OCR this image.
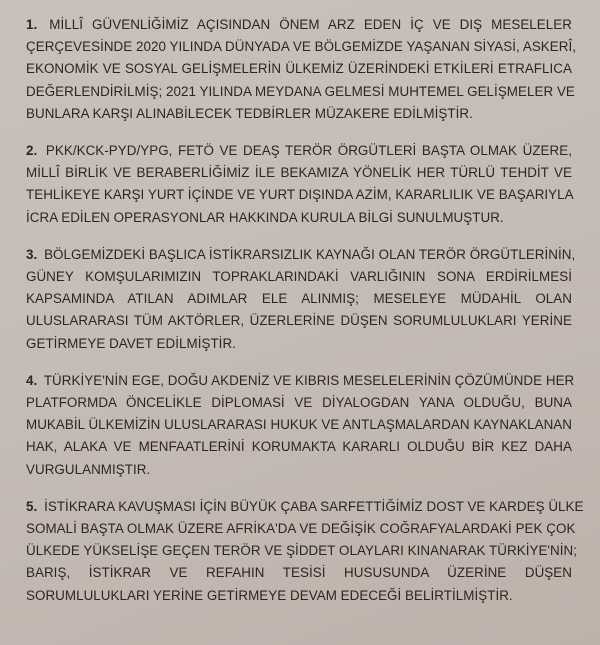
1. MİLLÎ GÜVENLİĞİMİZ AÇISINDAN ÖNEM ARZ EDEN İÇ VE DIŞ MESELELER
ÇERÇEVESİNDE 2020 YILINDA DÜNYADA VE BÖLGEMİZDE YAŞANAN SİYASİ, ASKERÎ,
EKONOMİK VE SOSYAL GELİŞMELERİN ÜLKEMİZ ÜZERİNDEKİ ETKİLERİ ETRAFLICA
DEĞERLENDİRİLMİŞ; 2021 YILINDA MEYDANA GELMESİ MUHTEMEL GELİŞMELER VE
BUNLARA KARŞI ALINABİLECEK TEDBİRLER MÜZAKERE EDİLMİŞTİR.

2. PKK/KCK-PYD/YPG, FETÖ VE DEAŞ TERÖR ÖRGÜTLERİ BAŞTA OLMAK ÜZERE,
MİLLÎ BİRLİK VE BERABERLİĞİMİZ İLE BEKAMIZA YÖNELİK HER TÜRLÜ TEHDİT VE
TEHLİKEYE KARŞI YURT İÇİNDE VE YURT DIŞINDA AZİM, KARARLILIK VE BAŞARIYLA
İCRA EDİLEN OPERASYONLAR HAKKINDA KURULA BİLGİ SUNULMUŞTUR.

3. BÖLGEMİZDEKİ BAŞLICA İSTİKRARSIZLIK KAYNAĞI OLAN TERÖR ÖRGÜTLERİNİN,
GÜNEY KOMŞULARIMIZIN TOPRAKLARINDAKİ VARLIĞININ SONA ERDİRİLMESİ
KAPSAMINDA ATILAN ADIMLAR ELE ALINMIŞ; MESELEYE MÜDAHİL OLAN
ULUSLARARASI TÜM AKTÖRLER, ÜZERLERİNE DÜŞEN SORUMLULUKLARI YERİNE
GETİRMEYE DAVET EDİLMİŞTİR.

4. TÜRKİYE'NİN EGE, DOĞU AKDENİZ VE KIBRIS MESELELERİNİN ÇÖZÜMÜNDE HER
PLATFORMDA ÖNCELİKLE DİPLOMASİ VE DİYALOGDAN YANA OLDUĞU, BUNA
MUKABİL ÜLKEMİZİN ULUSLARARASI HUKUK VE ANTLAŞMALARDAN KAYNAKLANAN
HAK, ALAKA VE MENFAATLERİNİ KORUMAKTA KARARLI OLDUĞU BİR KEZ DAHA
VURGULANMIŞTIR.

5. İSTİKRARA KAVUŞMASI İÇİN BÜYÜK ÇABA SARFETTİĞİMİZ DOST VE KARDEŞ ÜLKE
SOMALİ BAŞTA OLMAK ÜZERE AFRİKA'DA VE DEĞİŞİK COĞRAFYALARDAKİ PEK ÇOK
ÜLKEDE YÜKSELİŞE GEÇEN TERÖR VE ŞİDDET OLAYLARI KINANARAK TÜRKİYE'NİN;
BARIŞ, İSTİKRAR VE REFAHIN TESİSİ HUSUSUNDA ÜZERİNE DÜŞEN
SORUMLULUKLARI YERİNE GETİRMEYE DEVAM EDECEĞİ BELİRTİLMİŞTİR.
